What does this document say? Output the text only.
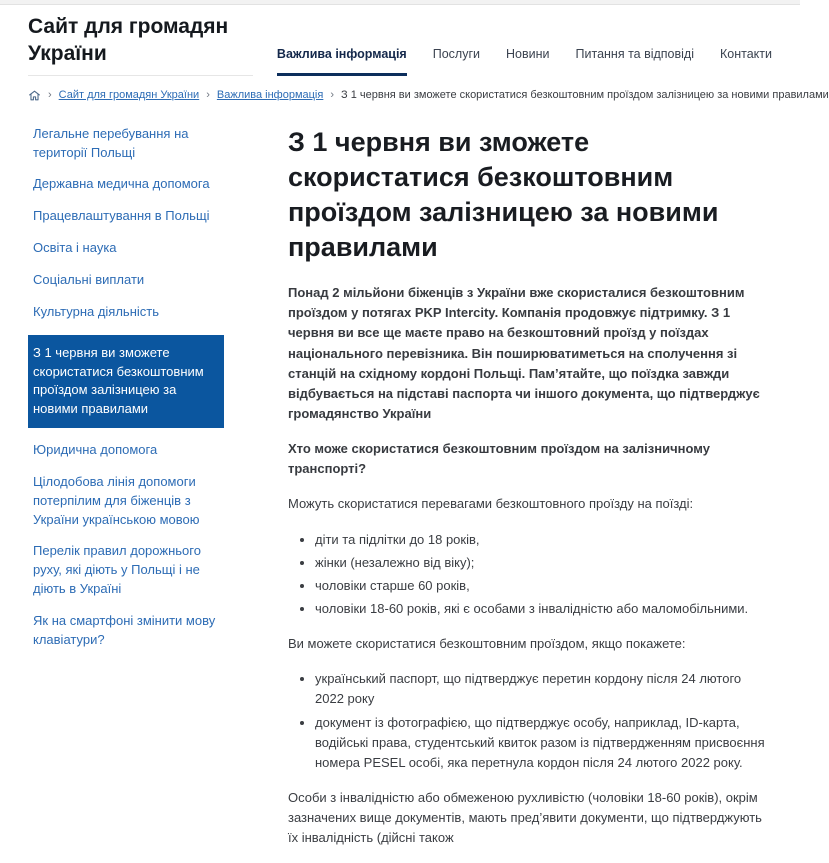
Сайт для громадян України	Важлива інформація Послуги Новини Питання та відповіді Контакти
› Сайт для громадян України › Важлива інформація › З 1 червня ви зможете скористатися безкоштовним проїздом залізницею за новими правилами
Легальне перебування на території Польщі
Державна медична допомога
Працевлаштування в Польщі
Освіта і наука
Соціальні виплати
Культурна діяльність
З 1 червня ви зможете скористатися безкоштовним проїздом залізницею за новими правилами
Юридична допомога
Цілодобова лінія допомоги потерпілим для біженців з України українською мовою
Перелік правил дорожнього руху, які діють у Польщі і не діють в Україні
Як на смартфоні змінити мову клавіатури?
З 1 червня ви зможете скористатися безкоштовним проїздом залізницею за новими правилами

Понад 2 мільйони біженців з України вже скористалися безкоштовним проїздом у потягах PKP Intercity. Компанія продовжує підтримку. З 1 червня ви все ще маєте право на безкоштовний проїзд у поїздах національного перевізника. Він поширюватиметься на сполучення зі станцій на східному кордоні Польщі. Пам’ятайте, що поїздка завжди відбувається на підставі паспорта чи іншого документа, що підтверджує громадянство України

Хто може скористатися безкоштовним проїздом на залізничному транспорті?

Можуть скористатися перевагами безкоштовного проїзду на поїзді:

• діти та підлітки до 18 років,
• жінки (незалежно від віку);
• чоловіки старше 60 років,
• чоловіки 18-60 років, які є особами з інвалідністю або маломобільними.

Ви можете скористатися безкоштовним проїздом, якщо покажете:

• український паспорт, що підтверджує перетин кордону після 24 лютого 2022 року
• документ із фотографією, що підтверджує особу, наприклад, ID-карта, водійські права, студентський квиток разом із підтвердженням присвоєння номера PESEL особі, яка перетнула кордон після 24 лютого 2022 року.

Особи з інвалідністю або обмеженою рухливістю (чоловіки 18-60 років), окрім зазначених вище документів, мають пред’явити документи, що підтверджують їх інвалідність (дійсні також
